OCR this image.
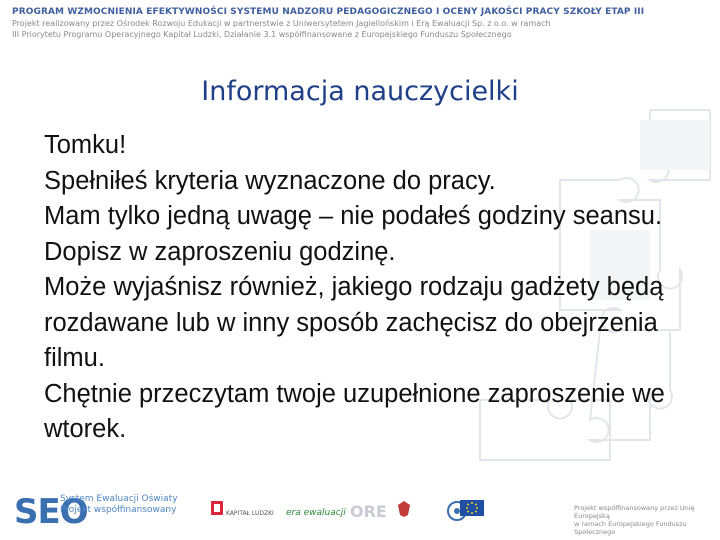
PROGRAM WZMOCNIENIA EFEKTYWNOŚCI SYSTEMU NADZORU PEDAGOGICZNEGO I OCENY JAKOŚCI PRACY SZKOŁY ETAP III
Projekt realizowany przez Ośrodek Rozwoju Edukacji w partnerstwie z Uniwersytetem Jagiellońskim i Erą Ewaluacji Sp. z o.o. w ramach
III Priorytetu Programu Operacyjnego Kapitał Ludzki, Działanie 3.1 współfinansowane z Europejskiego Funduszu Społecznego
Informacja nauczycielki

Tomku!

Spełniłeś kryteria wyznaczone do pracy.

Mam tylko jedną uwagę – nie podałeś godziny seansu. Dopisz w zaproszeniu godzinę.

Może wyjaśnisz również, jakiego rodzaju gadżety będą rozdawane lub w inny sposób zachęcisz do obejrzenia filmu.

Chętnie przeczytam twoje uzupełnione zaproszenie we wtorek.

SEO
System Ewaluacji Oświaty
Projekt współfinansowany	KAPITAŁ LUDZKI era ewaluacji ORE	Projekt współfinansowany przez Unię Europejską
w ramach Europejskiego Funduszu Społecznego
